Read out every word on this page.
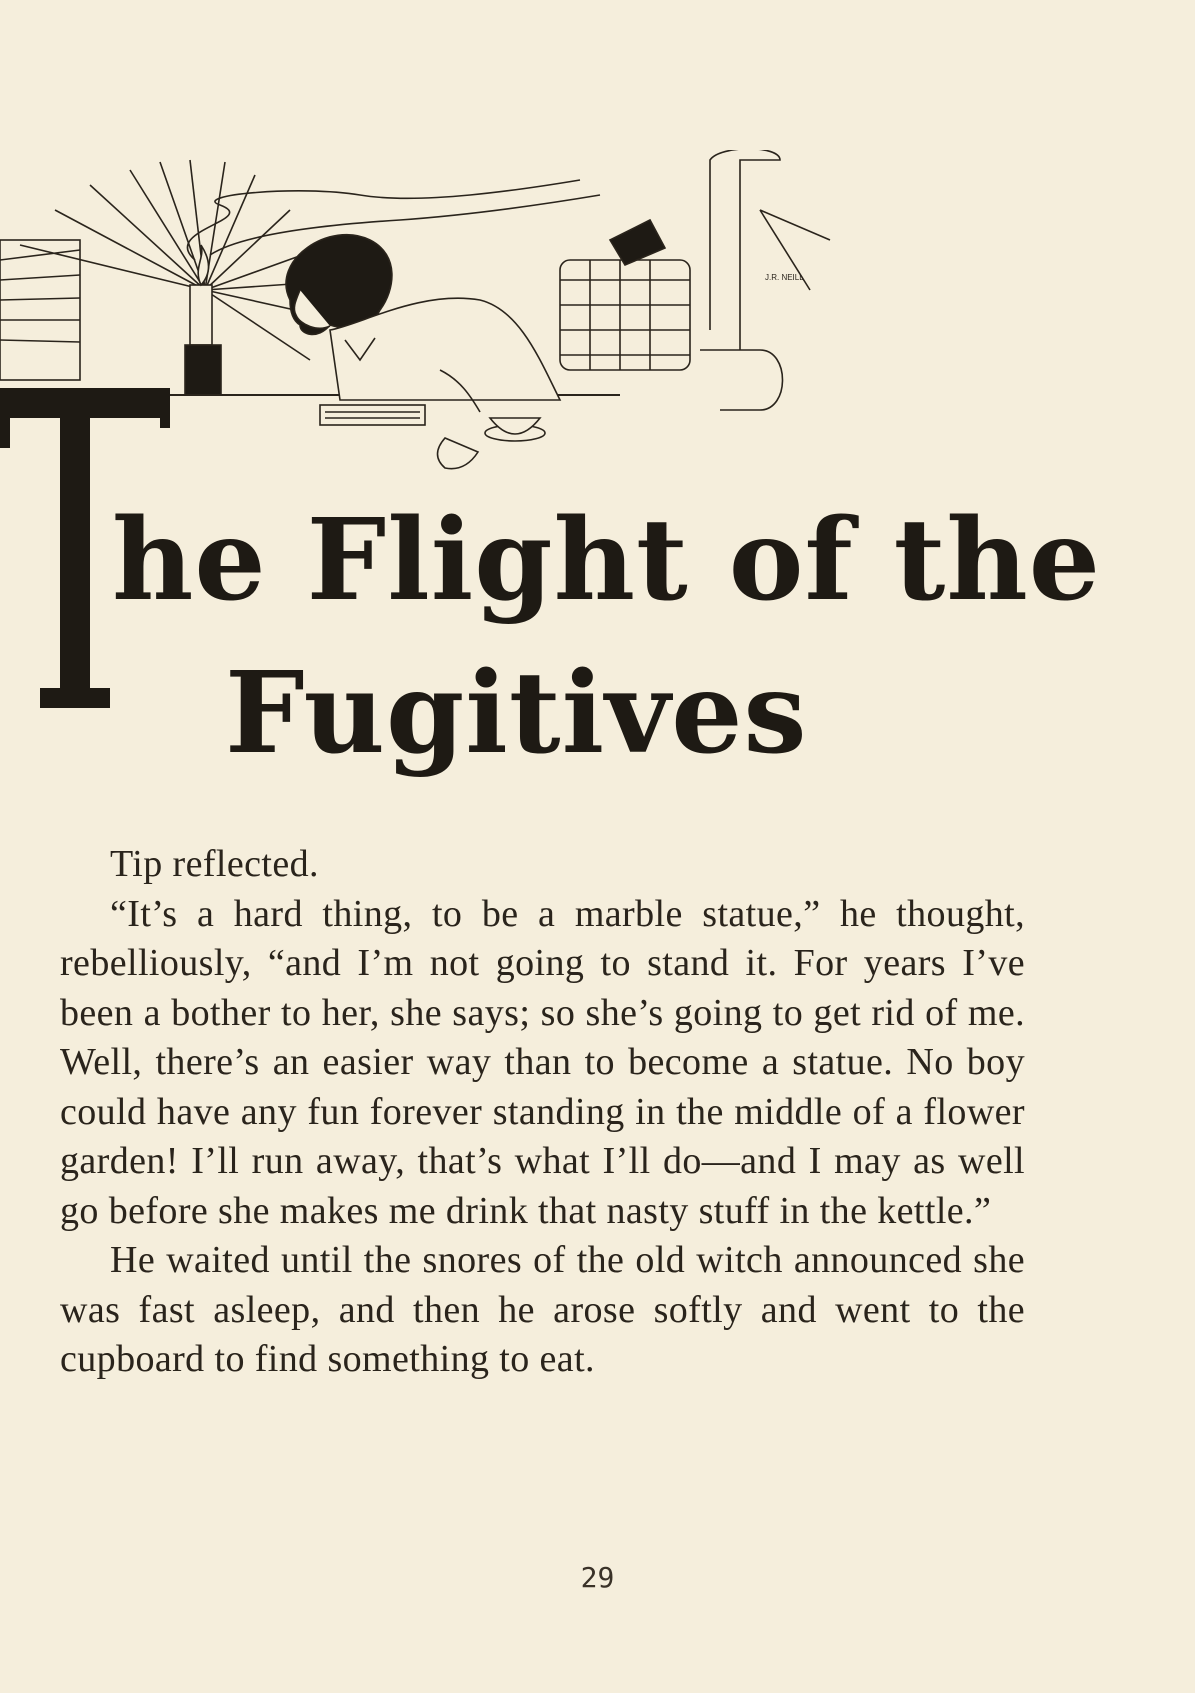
J.R. NEILL
he Flight of the
Fugitives

Tip reflected.

“It’s a hard thing, to be a marble statue,” he thought, rebelliously, “and I’m not going to stand it. For years I’ve been a bother to her, she says; so she’s going to get rid of me. Well, there’s an easier way than to become a statue. No boy could have any fun forever standing in the middle of a flower garden! I’ll run away, that’s what I’ll do—and I may as well go before she makes me drink that nasty stuff in the kettle.”

He waited until the snores of the old witch announced she was fast asleep, and then he arose softly and went to the cupboard to find something to eat.

29
